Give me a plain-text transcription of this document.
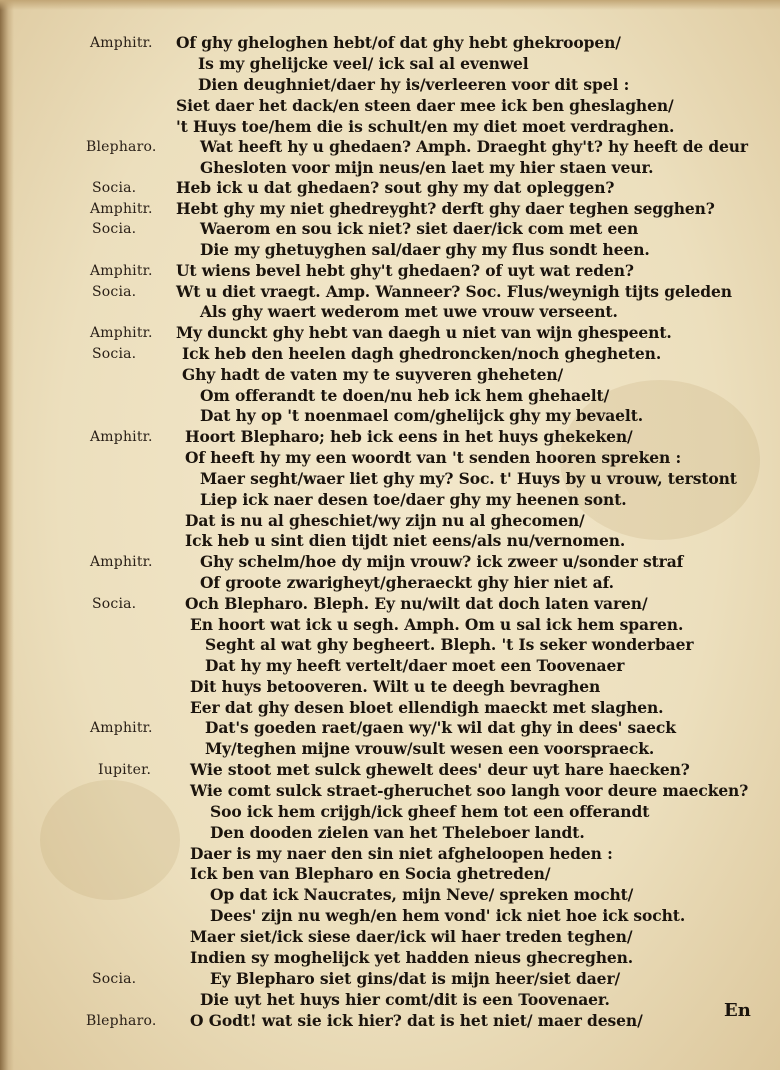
Amphitr. Of ghy gheloghen hebt/of dat ghy hebt ghekroopen/
Is my ghelijcke veel/ ick sal al evenwel
Dien deughniet/daer hy is/verleeren voor dit spel :
Siet daer het dack/en steen daer mee ick ben gheslaghen/
't Huys toe/hem die is schult/en my diet moet verdraghen.
Blepharo.	Wat heeft hy u ghedaen? Amph. Draeght ghy't? hy heeft de deur
Ghesloten voor mijn neus/en laet my hier staen veur.
Socia.	Heb ick u dat ghedaen? sout ghy my dat opleggen?
Amphitr. Hebt ghy my niet ghedreyght? derft ghy daer teghen segghen?
Socia.	Waerom en sou ick niet? siet daer/ick com met een
Die my ghetuyghen sal/daer ghy my flus sondt heen.
Amphitr. Ut wiens bevel hebt ghy't ghedaen? of uyt wat reden?
Socia.	Wt u diet vraegt. Amp. Wanneer? Soc. Flus/weynigh tijts geleden
Als ghy waert wederom met uwe vrouw verseent.
Amphitr. My dunckt ghy hebt van daegh u niet van wijn ghespeent.
Socia.	Ick heb den heelen dagh ghedroncken/noch ghegheten.
Ghy hadt de vaten my te suyveren gheheten/
Om offerandt te doen/nu heb ick hem ghehaelt/
Dat hy op 't noenmael com/ghelijck ghy my bevaelt.
Amphitr. Hoort Blepharo; heb ick eens in het huys ghekeken/
Of heeft hy my een woordt van 't senden hooren spreken :
Maer seght/waer liet ghy my? Soc. t' Huys by u vrouw, terstont
Liep ick naer desen toe/daer ghy my heenen sont.
Dat is nu al gheschiet/wy zijn nu al ghecomen/
Ick heb u sint dien tijdt niet eens/als nu/vernomen.
Amphitr.	Ghy schelm/hoe dy mijn vrouw? ick zweer u/sonder straf
Of groote zwarigheyt/gheraeckt ghy hier niet af.
Socia.	Och Blepharo. Bleph. Ey nu/wilt dat doch laten varen/
En hoort wat ick u segh. Amph. Om u sal ick hem sparen.
Seght al wat ghy begheert. Bleph. 't Is seker wonderbaer
Dat hy my heeft vertelt/daer moet een Toovenaer
Dit huys betooveren. Wilt u te deegh bevraghen
Eer dat ghy desen bloet ellendigh maeckt met slaghen.
Amphitr.	Dat's goeden raet/gaen wy/'k wil dat ghy in dees' saeck
My/teghen mijne vrouw/sult wesen een voorspraeck.
Iupiter.	Wie stoot met sulck ghewelt dees' deur uyt hare haecken?
Wie comt sulck straet-gheruchet soo langh voor deure maecken?
Soo ick hem crijgh/ick gheef hem tot een offerandt
Den dooden zielen van het Theleboer landt.
Daer is my naer den sin niet afgheloopen heden :
Ick ben van Blepharo en Socia ghetreden/
Op dat ick Naucrates, mijn Neve/ spreken mocht/
Dees' zijn nu wegh/en hem vond' ick niet hoe ick socht.
Maer siet/ick siese daer/ick wil haer treden teghen/
Indien sy moghelijck yet hadden nieus ghecreghen.
Socia.	Ey Blepharo siet gins/dat is mijn heer/siet daer/
Die uyt het huys hier comt/dit is een Toovenaer.
Blepharo. O Godt! wat sie ick hier? dat is het niet/ maer desen/	En
